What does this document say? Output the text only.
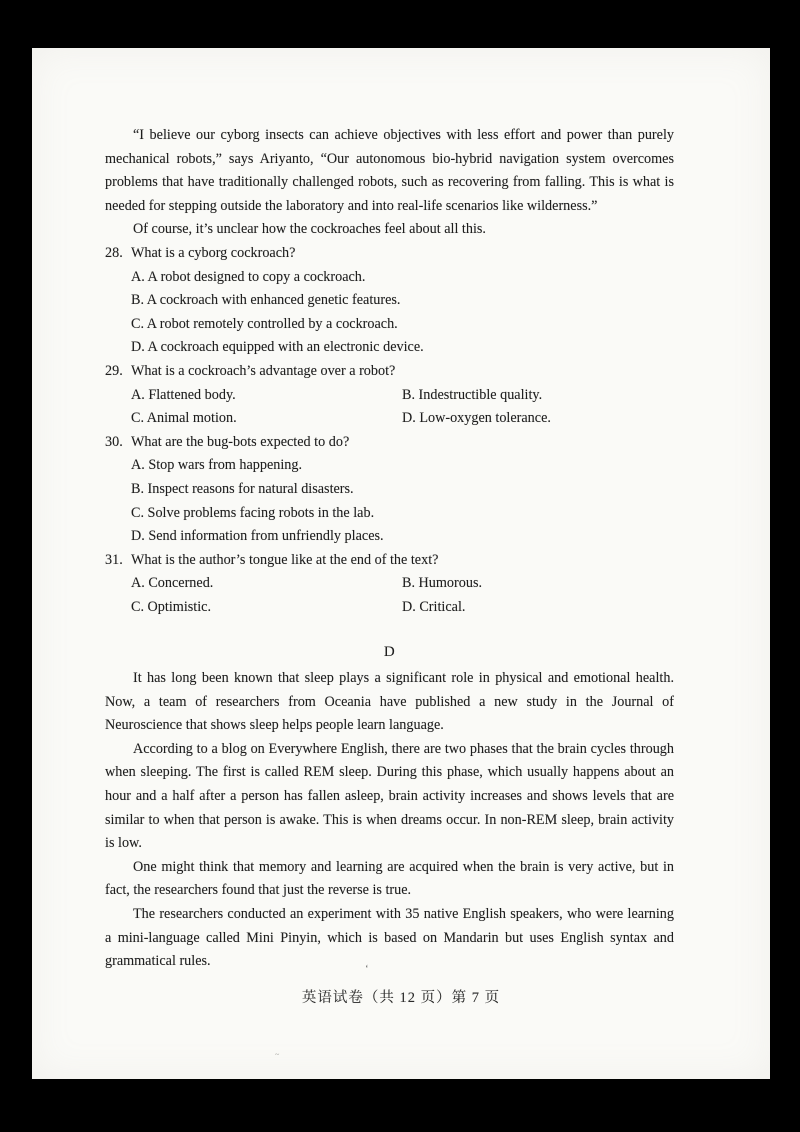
“I believe our cyborg insects can achieve objectives with less effort and power than purely mechanical robots,” says Ariyanto, “Our autonomous bio-hybrid navigation system overcomes problems that have traditionally challenged robots, such as recovering from falling. This is what is needed for stepping outside the laboratory and into real-life scenarios like wilderness.”

Of course, it’s unclear how the cockroaches feel about all this.

28. What is a cyborg cockroach?
A. A robot designed to copy a cockroach.
B. A cockroach with enhanced genetic features.
C. A robot remotely controlled by a cockroach.
D. A cockroach equipped with an electronic device.
29. What is a cockroach’s advantage over a robot?
A. Flattened body.	B. Indestructible quality.
C. Animal motion.	D. Low-oxygen tolerance.
30. What are the bug-bots expected to do?
A. Stop wars from happening.
B. Inspect reasons for natural disasters.
C. Solve problems facing robots in the lab.
D. Send information from unfriendly places.
31. What is the author’s tongue like at the end of the text?
A. Concerned.	B. Humorous.
C. Optimistic.	D. Critical.
D

It has long been known that sleep plays a significant role in physical and emotional health. Now, a team of researchers from Oceania have published a new study in the Journal of Neuroscience that shows sleep helps people learn language.

According to a blog on Everywhere English, there are two phases that the brain cycles through when sleeping. The first is called REM sleep. During this phase, which usually happens about an hour and a half after a person has fallen asleep, brain activity increases and shows levels that are similar to when that person is awake. This is when dreams occur. In non-REM sleep, brain activity is low.

One might think that memory and learning are acquired when the brain is very active, but in fact, the researchers found that just the reverse is true.

The researchers conducted an experiment with 35 native English speakers, who were learning a mini-language called Mini Pinyin, which is based on Mandarin but uses English syntax and grammatical rules.	‘
~
英语试卷（共 12 页）第 7 页
